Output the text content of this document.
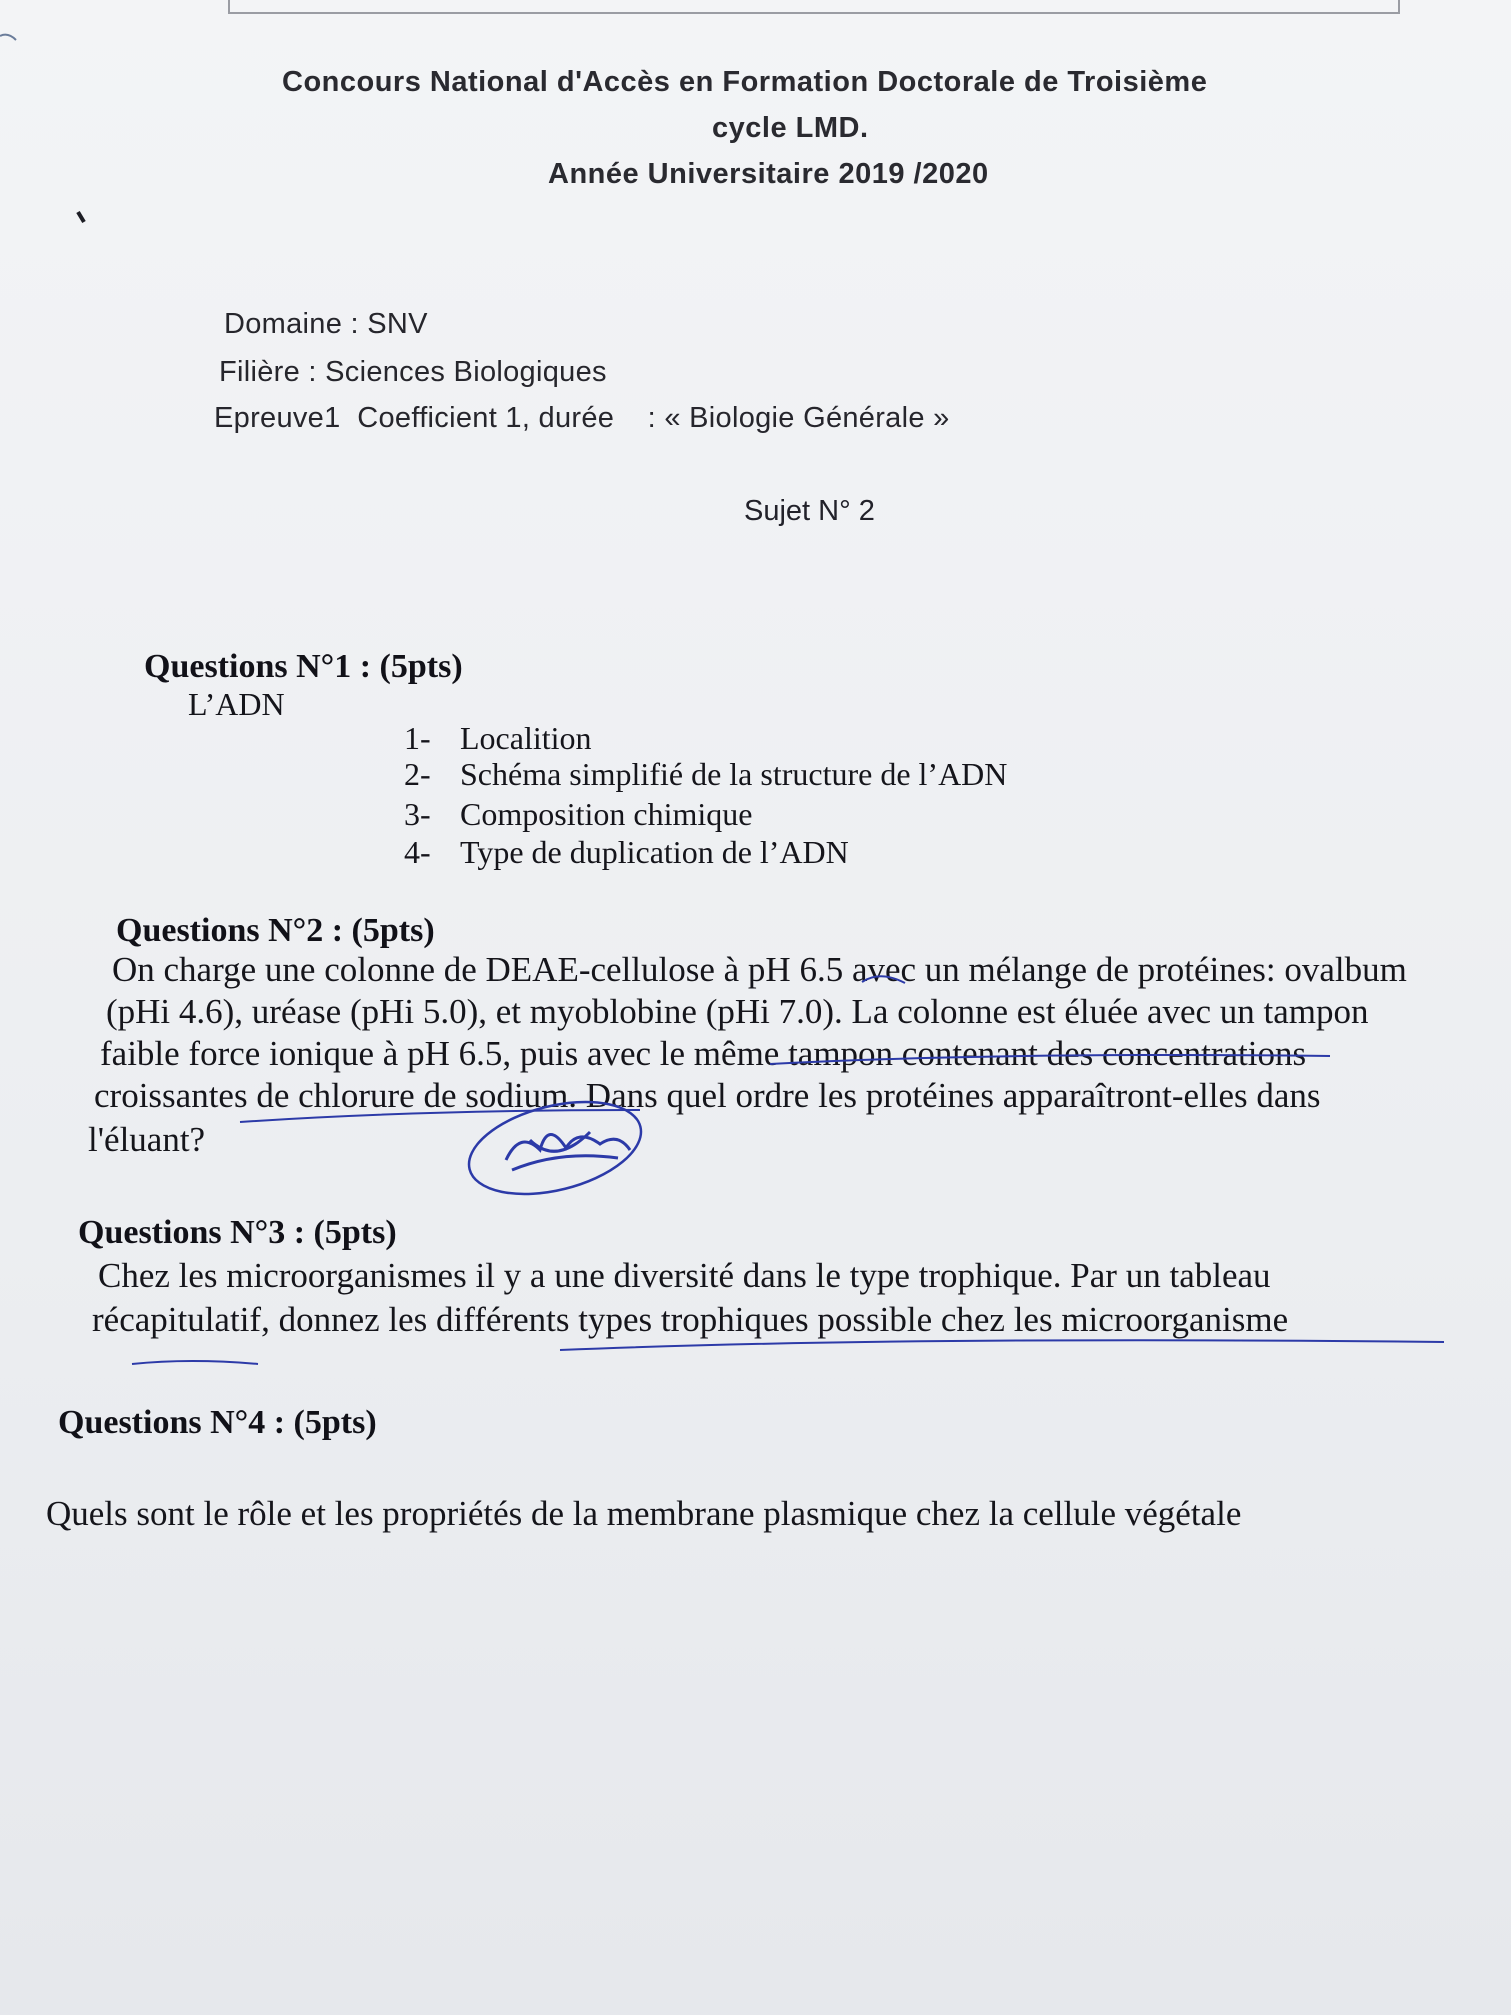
Concours National d'Accès en Formation Doctorale de Troisième
cycle LMD.
Année Universitaire 2019 /2020
Domaine : SNV
Filière : Sciences Biologiques
Epreuve1  Coefficient 1, durée    : « Biologie Générale »
Sujet N° 2
Questions N°1 : (5pts)
L’ADN
1- Localition
2- Schéma simplifié de la structure de l’ADN
3- Composition chimique
4- Type de duplication de l’ADN
Questions N°2 : (5pts)
On charge une colonne de DEAE-cellulose à pH 6.5 avec un mélange de protéines: ovalbum
(pHi 4.6), uréase (pHi 5.0), et myoblobine (pHi 7.0). La colonne est éluée avec un tampon
faible force ionique à pH 6.5, puis avec le même tampon contenant des concentrations
croissantes de chlorure de sodium. Dans quel ordre les protéines apparaîtront-elles dans
l'éluant?
Questions N°3 : (5pts)
Chez les microorganismes il y a une diversité dans le type trophique. Par un tableau
récapitulatif, donnez les différents types trophiques possible chez les microorganisme
Questions N°4 : (5pts)
Quels sont le rôle et les propriétés de la membrane plasmique chez la cellule végétale
